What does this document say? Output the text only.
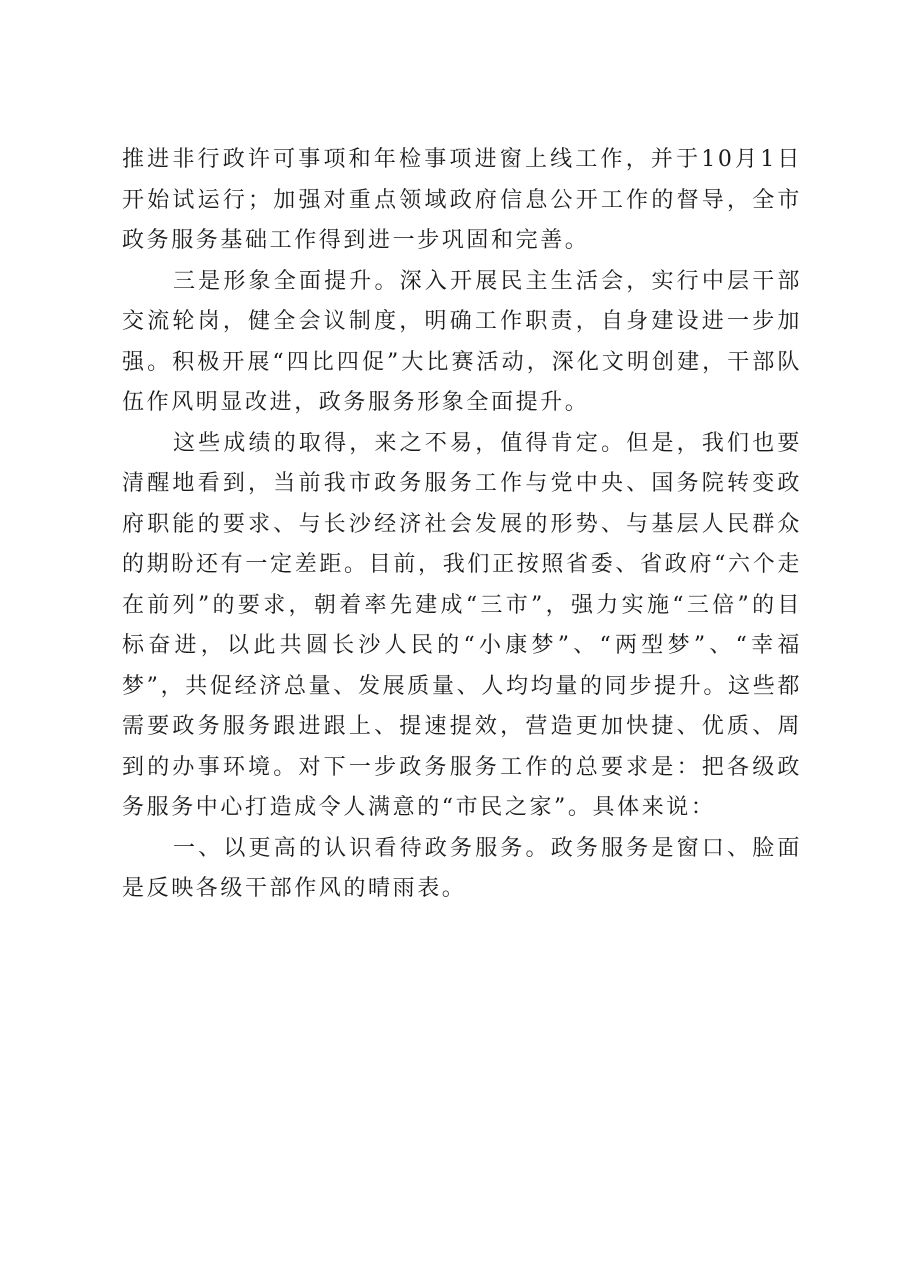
推进非行政许可事项和年检事项进窗上线工作，并于10月1日开始试运行；加强对重点领域政府信息公开工作的督导，全市政务服务基础工作得到进一步巩固和完善。

三是形象全面提升。深入开展民主生活会，实行中层干部交流轮岗，健全会议制度，明确工作职责，自身建设进一步加强。积极开展“四比四促”大比赛活动，深化文明创建，干部队伍作风明显改进，政务服务形象全面提升。

这些成绩的取得，来之不易，值得肯定。但是，我们也要清醒地看到，当前我市政务服务工作与党中央、国务院转变政府职能的要求、与长沙经济社会发展的形势、与基层人民群众的期盼还有一定差距。目前，我们正按照省委、省政府“六个走在前列”的要求，朝着率先建成“三市”，强力实施“三倍”的目标奋进，以此共圆长沙人民的“小康梦”、“两型梦”、“幸福梦”，共促经济总量、发展质量、人均均量的同步提升。这些都需要政务服务跟进跟上、提速提效，营造更加快捷、优质、周到的办事环境。对下一步政务服务工作的总要求是：把各级政务服务中心打造成令人满意的“市民之家”。具体来说：

一、以更高的认识看待政务服务。政务服务是窗口、脸面是反映各级干部作风的晴雨表。
